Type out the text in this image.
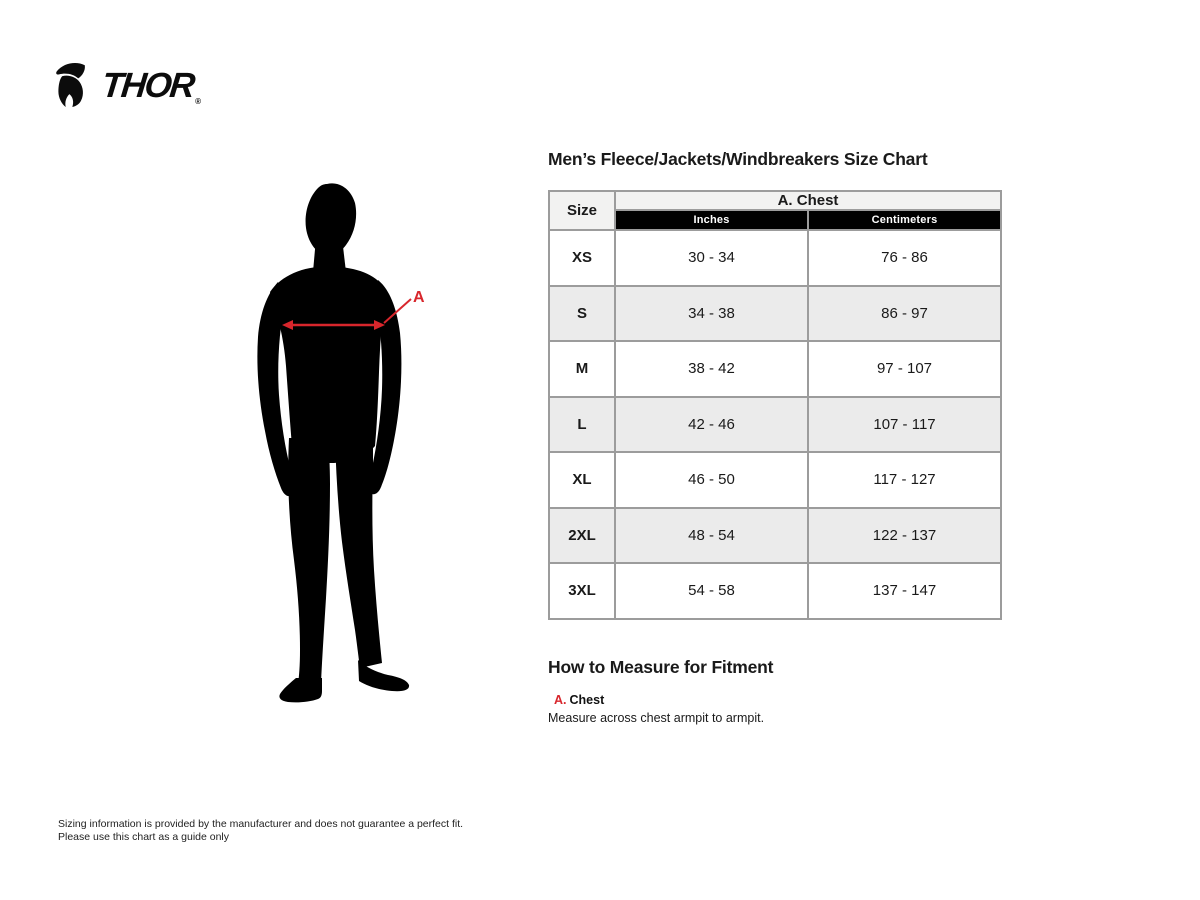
THOR ®
A
Men’s Fleece/Jackets/Windbreakers Size Chart
Size	A. Chest	
	Inches	Centimeters
XS	30 - 34	76 - 86
S	34 - 38	86 - 97
M	38 - 42	97 - 107
L	42 - 46	107 - 117
XL	46 - 50	117 - 127
2XL	48 - 54	122 - 137
3XL	54 - 58	137 - 147
How to Measure for Fitment
A. Chest
Measure across chest armpit to armpit.
Sizing information is provided by the manufacturer and does not guarantee a perfect fit.
Please use this chart as a guide only
